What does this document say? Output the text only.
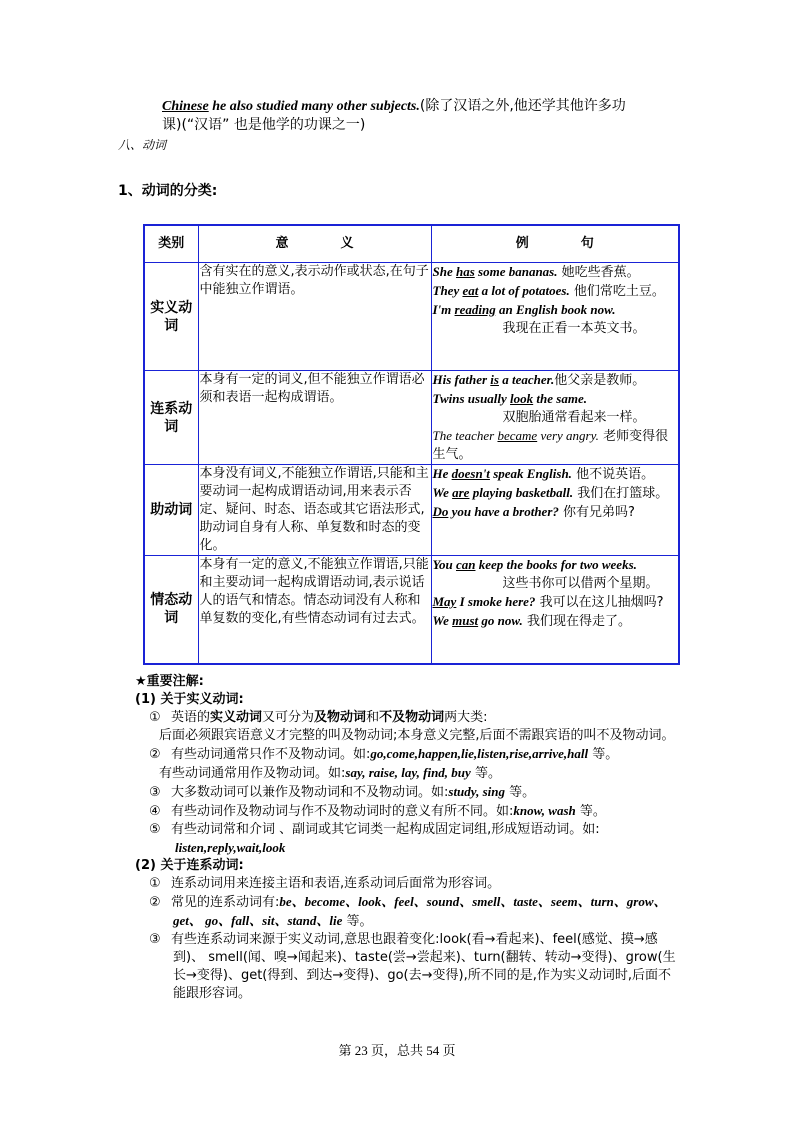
Chinese he also studied many other subjects.(除了汉语之外,他还学其他许多功
课)(“汉语” 也是他学的功课之一)
八、动词
1、动词的分类:
类别	意　　　　义	例　　　　句
实义动词	含有实在的意义,表示动作或状态,在句子中能独立作谓语。	She has some bananas. 她吃些香蕉。
They eat a lot of potatoes. 他们常吃土豆。
I'm reading an English book now.
我现在正看一本英文书。

连系动词	本身有一定的词义,但不能独立作谓语必须和表语一起构成谓语。	His father is a teacher.他父亲是教师。
Twins usually look the same.
双胞胎通常看起来一样。
The teacher became very angry. 老师变得很生气。

助动词	本身没有词义,不能独立作谓语,只能和主要动词一起构成谓语动词,用来表示否定、疑问、时态、语态或其它语法形式,助动词自身有人称、单复数和时态的变化。	He doesn't speak English. 他不说英语。
We are playing basketball. 我们在打篮球。
Do you have a brother? 你有兄弟吗?

情态动词	本身有一定的意义,不能独立作谓语,只能和主要动词一起构成谓语动词,表示说话人的语气和情态。情态动词没有人称和单复数的变化,有些情态动词有过去式。	You can keep the books for two weeks.
这些书你可以借两个星期。
May I smoke here? 我可以在这儿抽烟吗?
We must go now. 我们现在得走了。
★重要注解:
(1) 关于实义动词:
① 英语的实义动词又可分为及物动词和不及物动词两大类:
后面必须跟宾语意义才完整的叫及物动词;本身意义完整,后面不需跟宾语的叫不及物动词。
② 有些动词通常只作不及物动词。如:go,come,happen,lie,listen,rise,arrive,hall 等。
有些动词通常用作及物动词。如:say, raise, lay, find, buy 等。
③ 大多数动词可以兼作及物动词和不及物动词。如:study, sing 等。
④ 有些动词作及物动词与作不及物动词时的意义有所不同。如:know, wash 等。
⑤ 有些动词常和介词 、副词或其它词类一起构成固定词组,形成短语动词。如:
listen,reply,wait,look
(2) 关于连系动词:
① 连系动词用来连接主语和表语,连系动词后面常为形容词。
② 常见的连系动词有:be、become、look、feel、sound、smell、taste、seem、turn、grow、get、 go、fall、sit、stand、lie 等。
③ 有些连系动词来源于实义动词,意思也跟着变化:look(看→看起来)、feel(感觉、摸→感到)、 smell(闻、嗅→闻起来)、taste(尝→尝起来)、turn(翻转、转动→变得)、grow(生长→变得)、get(得到、到达→变得)、go(去→变得),所不同的是,作为实义动词时,后面不能跟形容词。
第 23 页，总共 54 页
